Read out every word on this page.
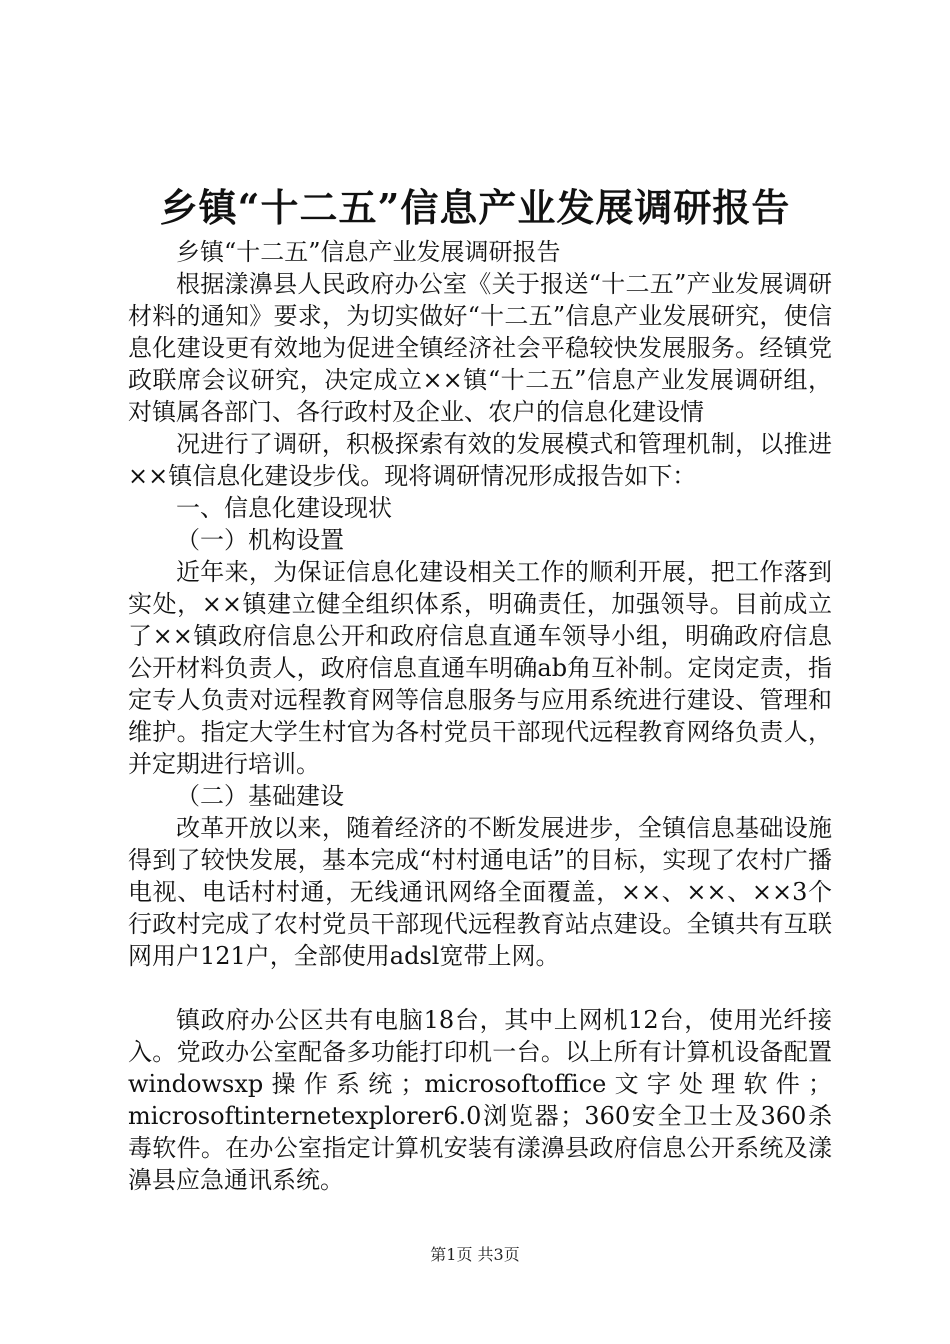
乡镇“十二五”信息产业发展调研报告

乡镇“十二五”信息产业发展调研报告

根据漾濞县人民政府办公室《关于报送“十二五”产业发展调研材料的通知》要求，为切实做好“十二五”信息产业发展研究，使信息化建设更有效地为促进全镇经济社会平稳较快发展服务。经镇党政联席会议研究，决定成立××镇“十二五”信息产业发展调研组，对镇属各部门、各行政村及企业、农户的信息化建设情

况进行了调研，积极探索有效的发展模式和管理机制，以推进××镇信息化建设步伐。现将调研情况形成报告如下：

一、信息化建设现状

（一）机构设置

近年来，为保证信息化建设相关工作的顺利开展，把工作落到实处，××镇建立健全组织体系，明确责任，加强领导。目前成立了××镇政府信息公开和政府信息直通车领导小组，明确政府信息公开材料负责人，政府信息直通车明确ab角互补制。定岗定责，指定专人负责对远程教育网等信息服务与应用系统进行建设、管理和维护。指定大学生村官为各村党员干部现代远程教育网络负责人，并定期进行培训。

（二）基础建设

改革开放以来，随着经济的不断发展进步，全镇信息基础设施得到了较快发展，基本完成“村村通电话”的目标，实现了农村广播电视、电话村村通，无线通讯网络全面覆盖，××、××、××3个行政村完成了农村党员干部现代远程教育站点建设。全镇共有互联网用户121户，全部使用adsl宽带上网。

镇政府办公区共有电脑18台，其中上网机12台，使用光纤接入。党政办公室配备多功能打印机一台。以上所有计算机设备配置windowsxp操作系统；microsoftoffice文字处理软件；microsoftinternetexplorer6.0浏览器；360安全卫士及360杀毒软件。在办公室指定计算机安装有漾濞县政府信息公开系统及漾濞县应急通讯系统。

第1页 共3页
